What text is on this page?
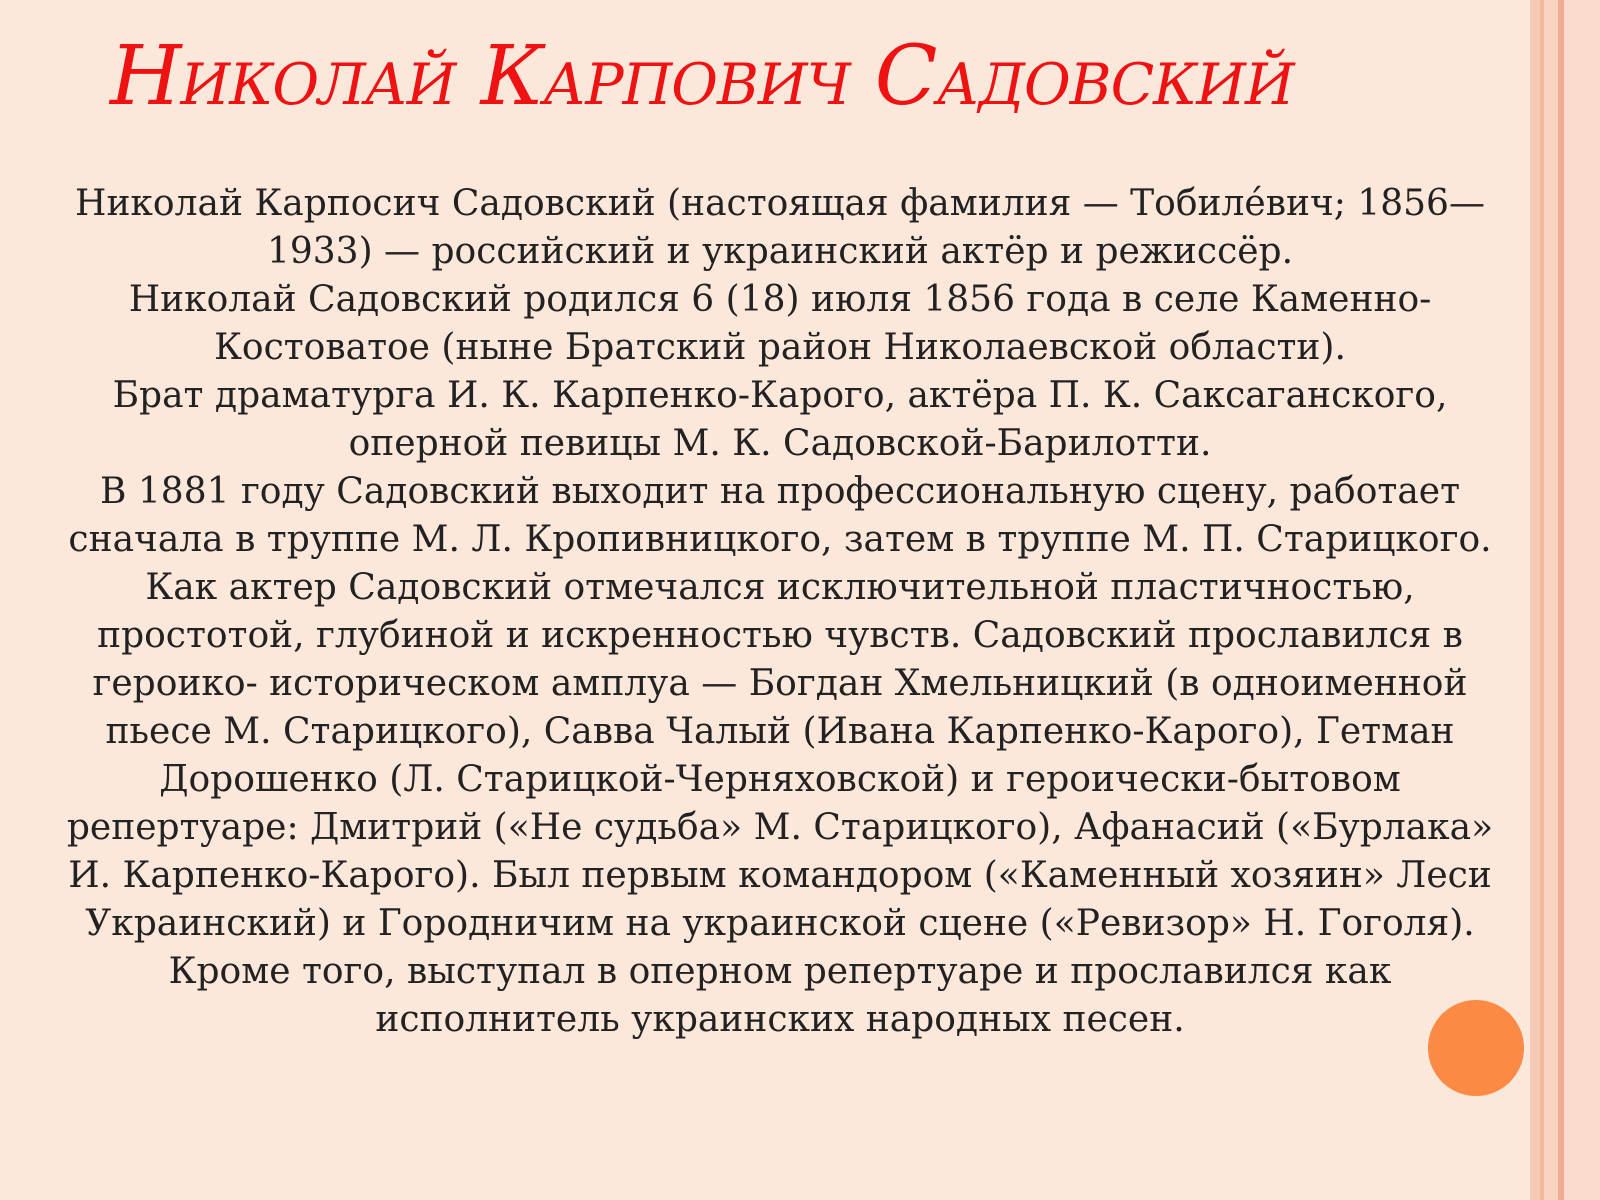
Николай Карпович Садовский

Николай Карпосич Садовский (настоящая фамилия — Тобиле́вич; 1856—1933) — российский и украинский актёр и режиссёр.

Николай Садовский родился 6 (18) июля 1856 года в селе Каменно-Костоватое (ныне Братский район Николаевской области).

Брат драматурга И. К. Карпенко-Карого, актёра П. К. Саксаганского, оперной певицы М. К. Садовской-Барилотти.

В 1881 году Садовский выходит на профессиональную сцену, работает сначала в труппе М. Л. Кропивницкого, затем в труппе М. П. Старицкого.

Как актер Садовский отмечался исключительной пластичностью, простотой, глубиной и искренностью чувств. Садовский прославился в героико- историческом амплуа — Богдан Хмельницкий (в одноименной пьесе М. Старицкого), Савва Чалый (Ивана Карпенко-Карого), Гетман Дорошенко (Л. Старицкой-Черняховской) и героически-бытовом репертуаре: Дмитрий («Не судьба» М. Старицкого), Афанасий («Бурлака» И. Карпенко-Карого). Был первым командором («Каменный хозяин» Леси Украинский) и Городничим на украинской сцене («Ревизор» Н. Гоголя). Кроме того, выступал в оперном репертуаре и прославился как исполнитель украинских народных песен.
